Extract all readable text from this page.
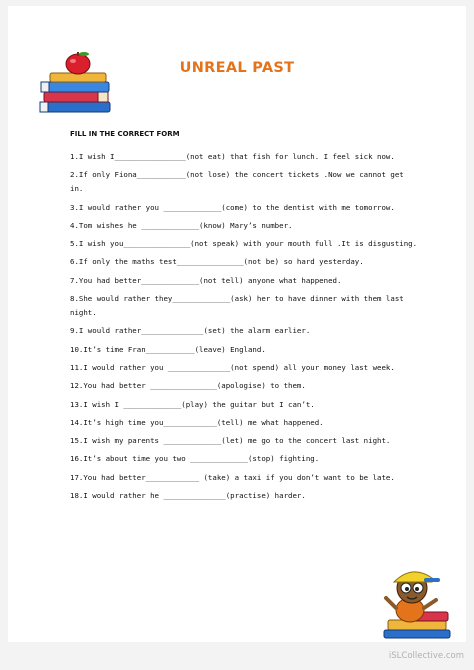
UNREAL PAST
FILL IN THE CORRECT FORM
1.I wish I________________(not eat) that fish for lunch. I feel sick now.
2.If only Fiona___________(not lose) the concert tickets .Now we cannot get in.
3.I would rather you _____________(come) to the dentist with me tomorrow.
4.Tom wishes he _____________(know) Mary’s number.
5.I wish you_______________(not speak) with your mouth full .It is disgusting.
6.If only the maths test_______________(not be) so hard yesterday.
7.You had better_____________(not tell) anyone what happened.
8.She would rather they_____________(ask) her to have dinner with them last night.
9.I would rather______________(set) the alarm earlier.
10.It’s time Fran___________(leave) England.
11.I would rather you ______________(not spend) all your money last week.
12.You had better _______________(apologise) to them.
13.I wish I _____________(play) the guitar but I can’t.
14.It’s high time you____________(tell) me what happened.
15.I wish my parents _____________(let) me go to the concert last night.
16.It’s about time you two _____________(stop) fighting.
17.You had better____________ (take) a taxi if you don’t want to be late.
18.I would rather he ______________(practise) harder.
iSLCollective.com
